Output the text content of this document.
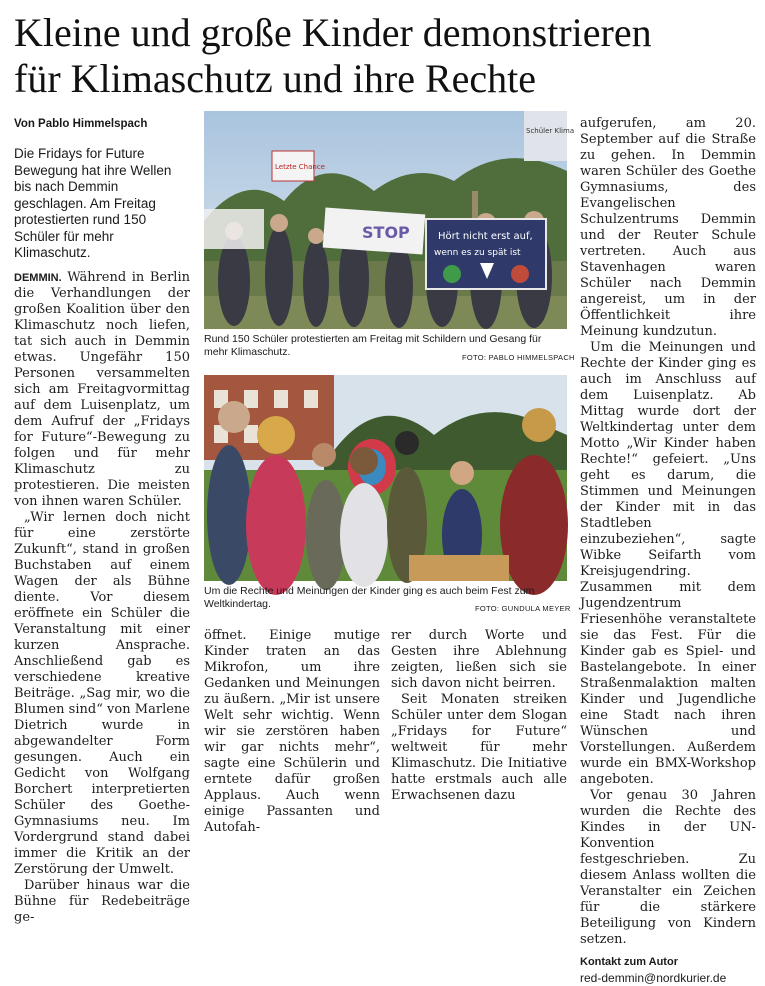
Kleine und große Kinder demonstrieren
für Klimaschutz und ihre Rechte
Von Pablo Himmelspach
Die Fridays for Future Bewegung hat ihre Wellen bis nach Demmin geschlagen. Am Freitag protestierten rund 150 Schüler für mehr Klimaschutz.

DEMMIN. Während in Berlin die Verhandlungen der großen Koalition über den Klimaschutz noch liefen, tat sich auch in Demmin etwas. Ungefähr 150 Personen versammelten sich am Freitagvormittag auf dem Luisenplatz, um dem Aufruf der „Fridays for Future“-Bewegung zu folgen und für mehr Klimaschutz zu protestieren. Die meisten von ihnen waren Schüler.

„Wir lernen doch nicht für eine zerstörte Zukunft“, stand in großen Buchstaben auf einem Wagen der als Bühne diente. Vor diesem eröffnete ein Schüler die Veranstaltung mit einer kurzen Ansprache. Anschließend gab es verschiedene kreative Beiträge. „Sag mir, wo die Blumen sind“ von Marlene Dietrich wurde in abgewandelter Form gesungen. Auch ein Gedicht von Wolfgang Borchert interpretierten Schüler des Goethe-Gymnasiums neu. Im Vordergrund stand dabei immer die Kritik an der Zerstörung der Umwelt.

Darüber hinaus war die Bühne für Redebeiträge ge-

Hört nicht erst auf,
wenn es zu spät ist
STOP
Letzte Chance
Schüler Klima
Rund 150 Schüler protestierten am Freitag mit Schildern und Gesang für mehr Klimaschutz.	FOTO: PABLO HIMMELSPACH
Um die Rechte und Meinungen der Kinder ging es auch beim Fest zum Weltkindertag.	FOTO: GUNDULA MEYER

öffnet. Einige mutige Kinder traten an das Mikrofon, um ihre Gedanken und Meinungen zu äußern. „Mir ist unsere Welt sehr wichtig. Wenn wir sie zerstören haben wir gar nichts mehr“, sagte eine Schülerin und erntete dafür großen Applaus. Auch wenn einige Passanten und Autofah-

rer durch Worte und Gesten ihre Ablehnung zeigten, ließen sich sie sich davon nicht beirren.

Seit Monaten streiken Schüler unter dem Slogan „Fridays for Future“ weltweit für mehr Klimaschutz. Die Initiative hatte erstmals auch alle Erwachsenen dazu

aufgerufen, am 20. September auf die Straße zu gehen. In Demmin waren Schüler des Goethe Gymnasiums, des Evangelischen Schulzentrums Demmin und der Reuter Schule vertreten. Auch aus Stavenhagen waren Schüler nach Demmin angereist, um in der Öffentlichkeit ihre Meinung kundzutun.

Um die Meinungen und Rechte der Kinder ging es auch im Anschluss auf dem Luisenplatz. Ab Mittag wurde dort der Weltkindertag unter dem Motto „Wir Kinder haben Rechte!“ gefeiert. „Uns geht es darum, die Stimmen und Meinungen der Kinder mit in das Stadtleben einzubeziehen“, sagte Wibke Seifarth vom Kreisjugendring. Zusammen mit dem Jugendzentrum Friesenhöhe veranstaltete sie das Fest. Für die Kinder gab es Spiel- und Bastelangebote. In einer Straßenmalaktion malten Kinder und Jugendliche eine Stadt nach ihren Wünschen und Vorstellungen. Außerdem wurde ein BMX-Workshop angeboten.

Vor genau 30 Jahren wurden die Rechte des Kindes in der UN-Konvention festgeschrieben. Zu diesem Anlass wollten die Veranstalter ein Zeichen für die stärkere Beteiligung von Kindern setzen.

Kontakt zum Autor
red-demmin@nordkurier.de
